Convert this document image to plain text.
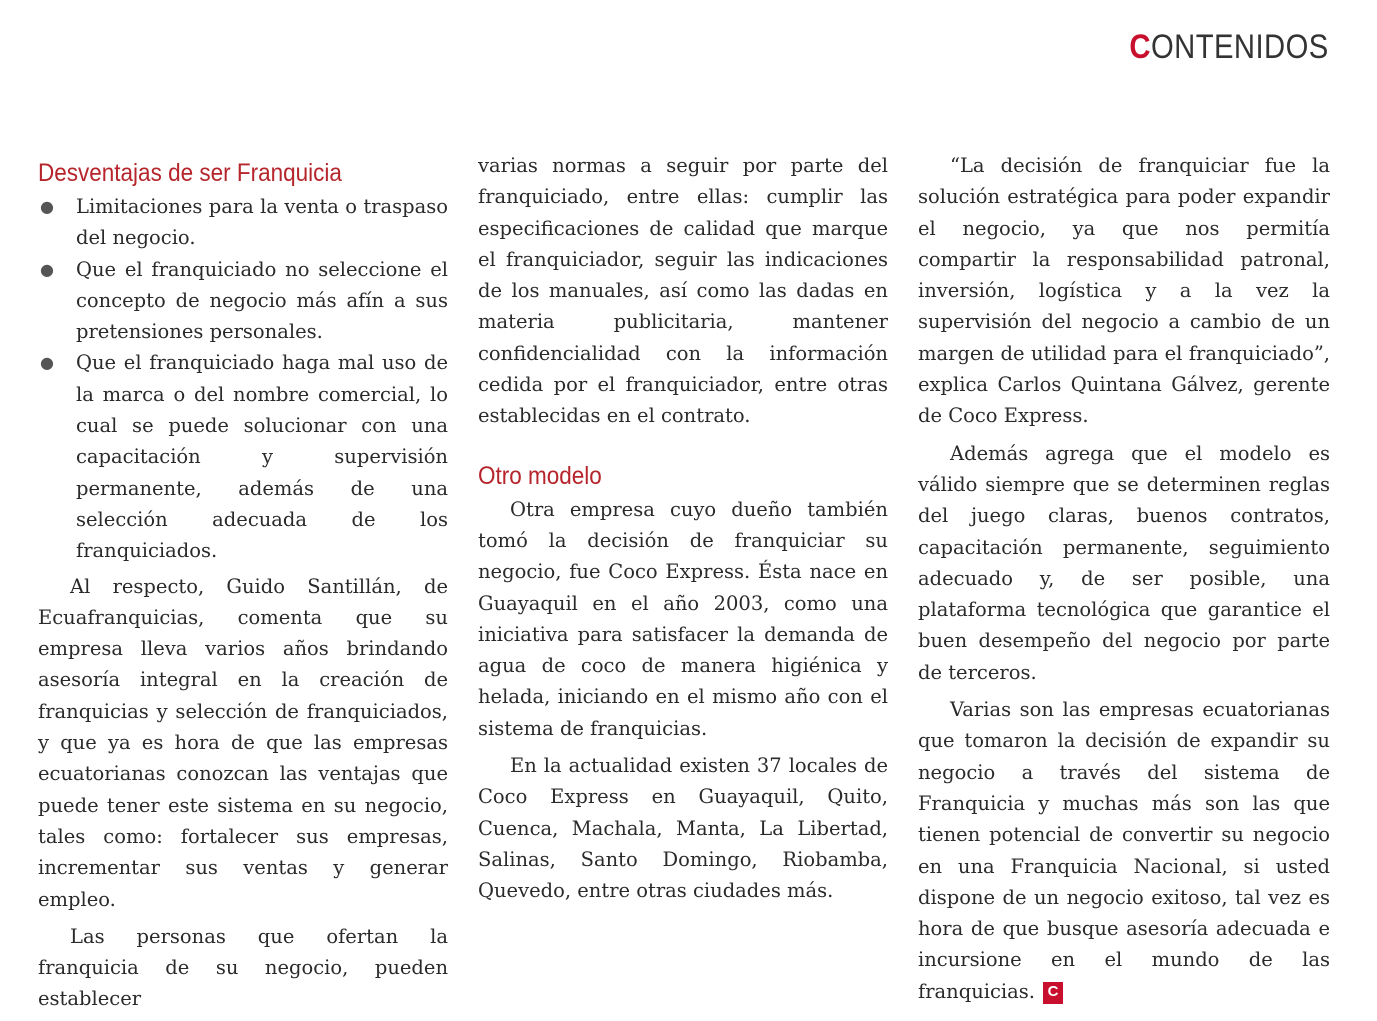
CONTENIDOS
Desventajas de ser Franquicia
● Limitaciones para la venta o traspaso del negocio.
● Que el franquiciado no seleccione el concepto de negocio más afín a sus pretensiones personales.
● Que el franquiciado haga mal uso de la marca o del nombre comercial, lo cual se puede solucionar con una capacitación y supervisión permanente, además de una selección adecuada de los franquiciados.

Al respecto, Guido Santillán, de Ecuafranquicias, comenta que su empresa lleva varios años brindando asesoría integral en la creación de franquicias y selección de franquiciados, y que ya es hora de que las empresas ecuatorianas conozcan las ventajas que puede tener este sistema en su negocio, tales como: fortalecer sus empresas, incrementar sus ventas y generar empleo.

Las personas que ofertan la franquicia de su negocio, pueden establecer

varias normas a seguir por parte del franquiciado, entre ellas: cumplir las especificaciones de calidad que marque el franquiciador, seguir las indicaciones de los manuales, así como las dadas en materia publicitaria, mantener confidencialidad con la información cedida por el franquiciador, entre otras establecidas en el contrato.

Otro modelo

Otra empresa cuyo dueño también tomó la decisión de franquiciar su negocio, fue Coco Express. Ésta nace en Guayaquil en el año 2003, como una iniciativa para satisfacer la demanda de agua de coco de manera higiénica y helada, iniciando en el mismo año con el sistema de franquicias.

En la actualidad existen 37 locales de Coco Express en Guayaquil, Quito, Cuenca, Machala, Manta, La Libertad, Salinas, Santo Domingo, Riobamba, Quevedo, entre otras ciudades más.

“La decisión de franquiciar fue la solución estratégica para poder expandir el negocio, ya que nos permitía compartir la responsabilidad patronal, inversión, logística y a la vez la supervisión del negocio a cambio de un margen de utilidad para el franquiciado”, explica Carlos Quintana Gálvez, gerente de Coco Express.

Además agrega que el modelo es válido siempre que se determinen reglas del juego claras, buenos contratos, capacitación permanente, seguimiento adecuado y, de ser posible, una plataforma tecnológica que garantice el buen desempeño del negocio por parte de terceros.

Varias son las empresas ecuatorianas que tomaron la decisión de expandir su negocio a través del sistema de Franquicia y muchas más son las que tienen potencial de convertir su negocio en una Franquicia Nacional, si usted dispone de un negocio exitoso, tal vez es hora de que busque asesoría adecuada e incursione en el mundo de las franquicias. C
